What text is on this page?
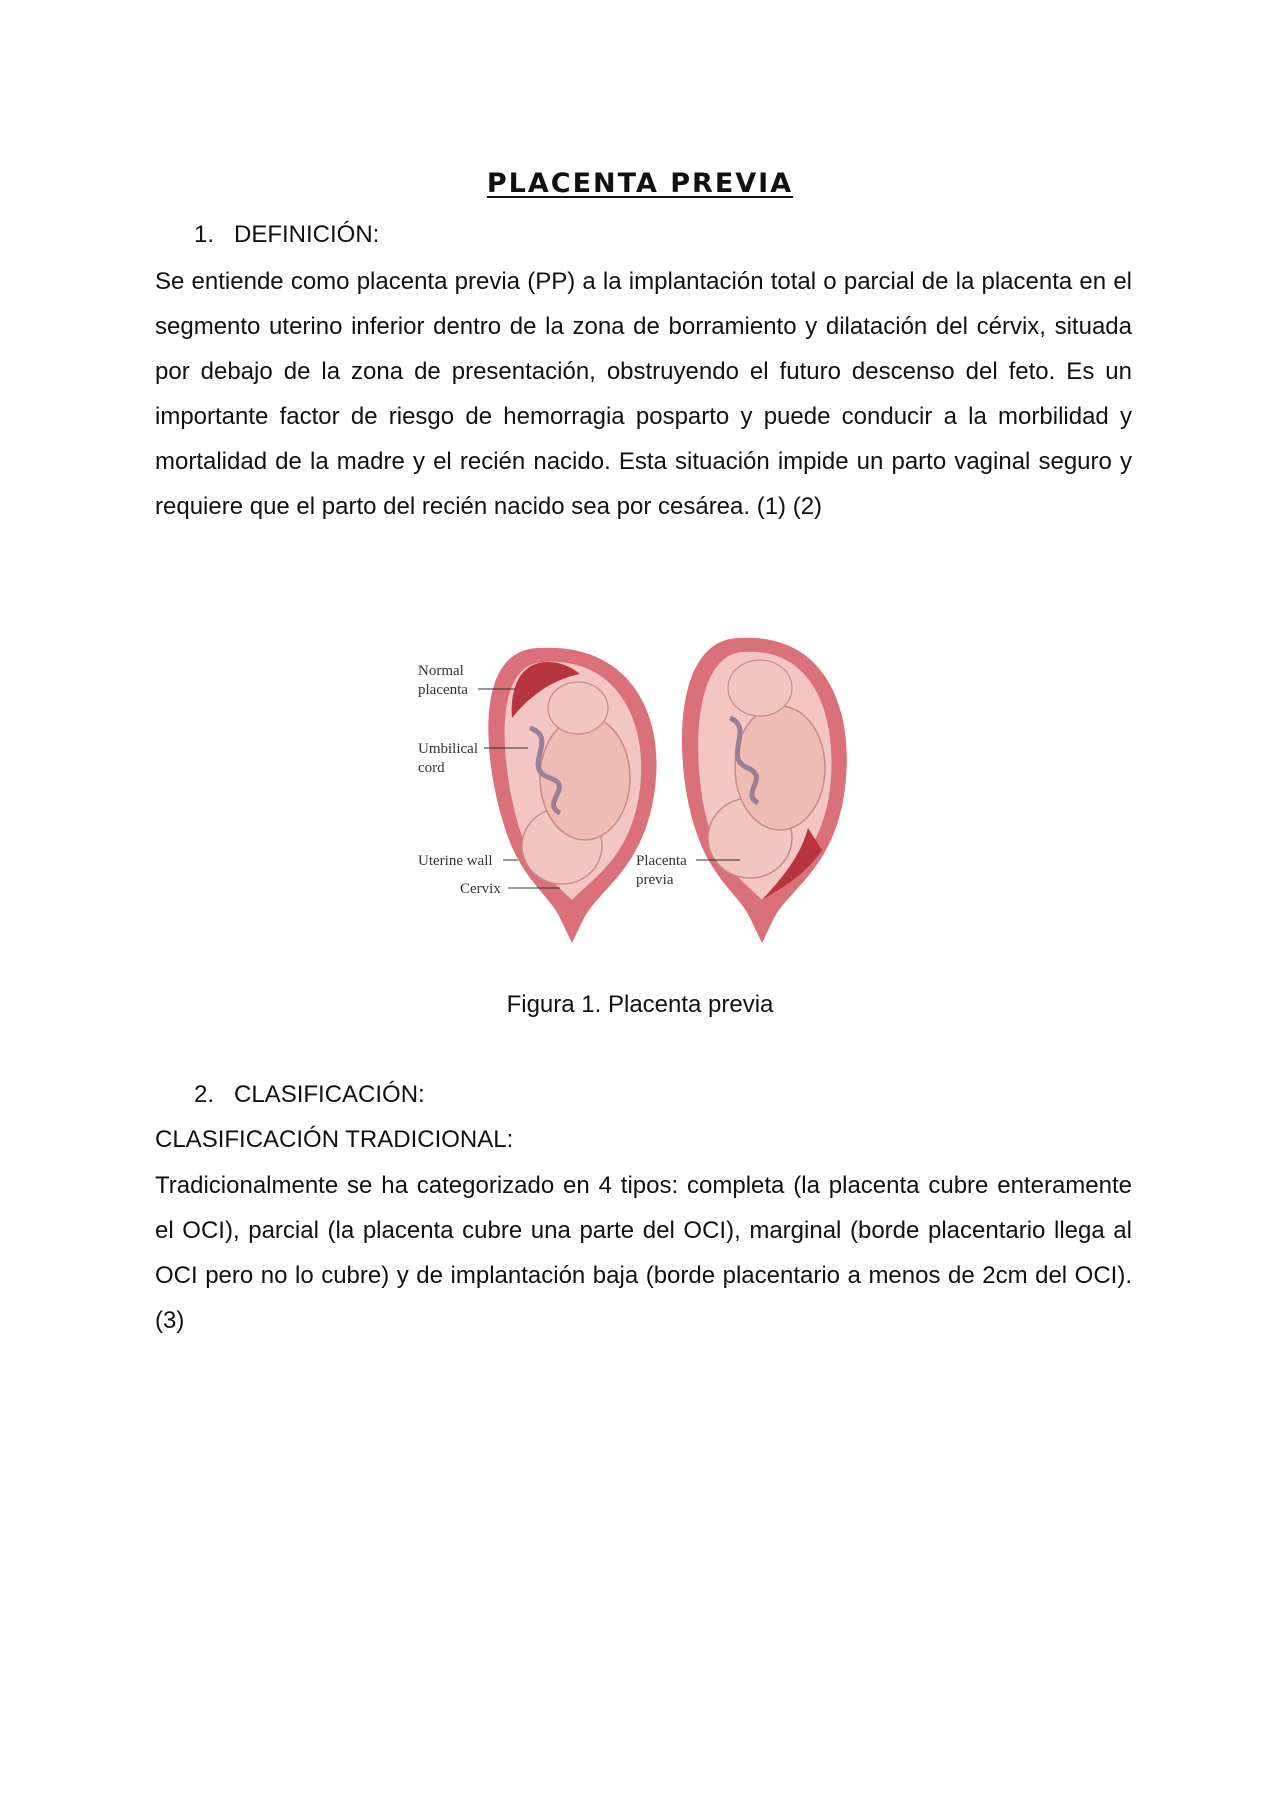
PLACENTA PREVIA
1. DEFINICIÓN:

Se entiende como placenta previa (PP) a la implantación total o parcial de la placenta en el segmento uterino inferior dentro de la zona de borramiento y dilatación del cérvix, situada por debajo de la zona de presentación, obstruyendo el futuro descenso del feto. Es un importante factor de riesgo de hemorragia posparto y puede conducir a la morbilidad y mortalidad de la madre y el recién nacido. Esta situación impide un parto vaginal seguro y requiere que el parto del recién nacido sea por cesárea. (1) (2)

Normal
placenta
Umbilical
cord
Uterine wall
Cervix
Placenta
previa
Figura 1. Placenta previa
2. CLASIFICACIÓN:
CLASIFICACIÓN TRADICIONAL:

Tradicionalmente se ha categorizado en 4 tipos: completa (la placenta cubre enteramente el OCI), parcial (la placenta cubre una parte del OCI), marginal (borde placentario llega al OCI pero no lo cubre) y de implantación baja (borde placentario a menos de 2cm del OCI). (3)
